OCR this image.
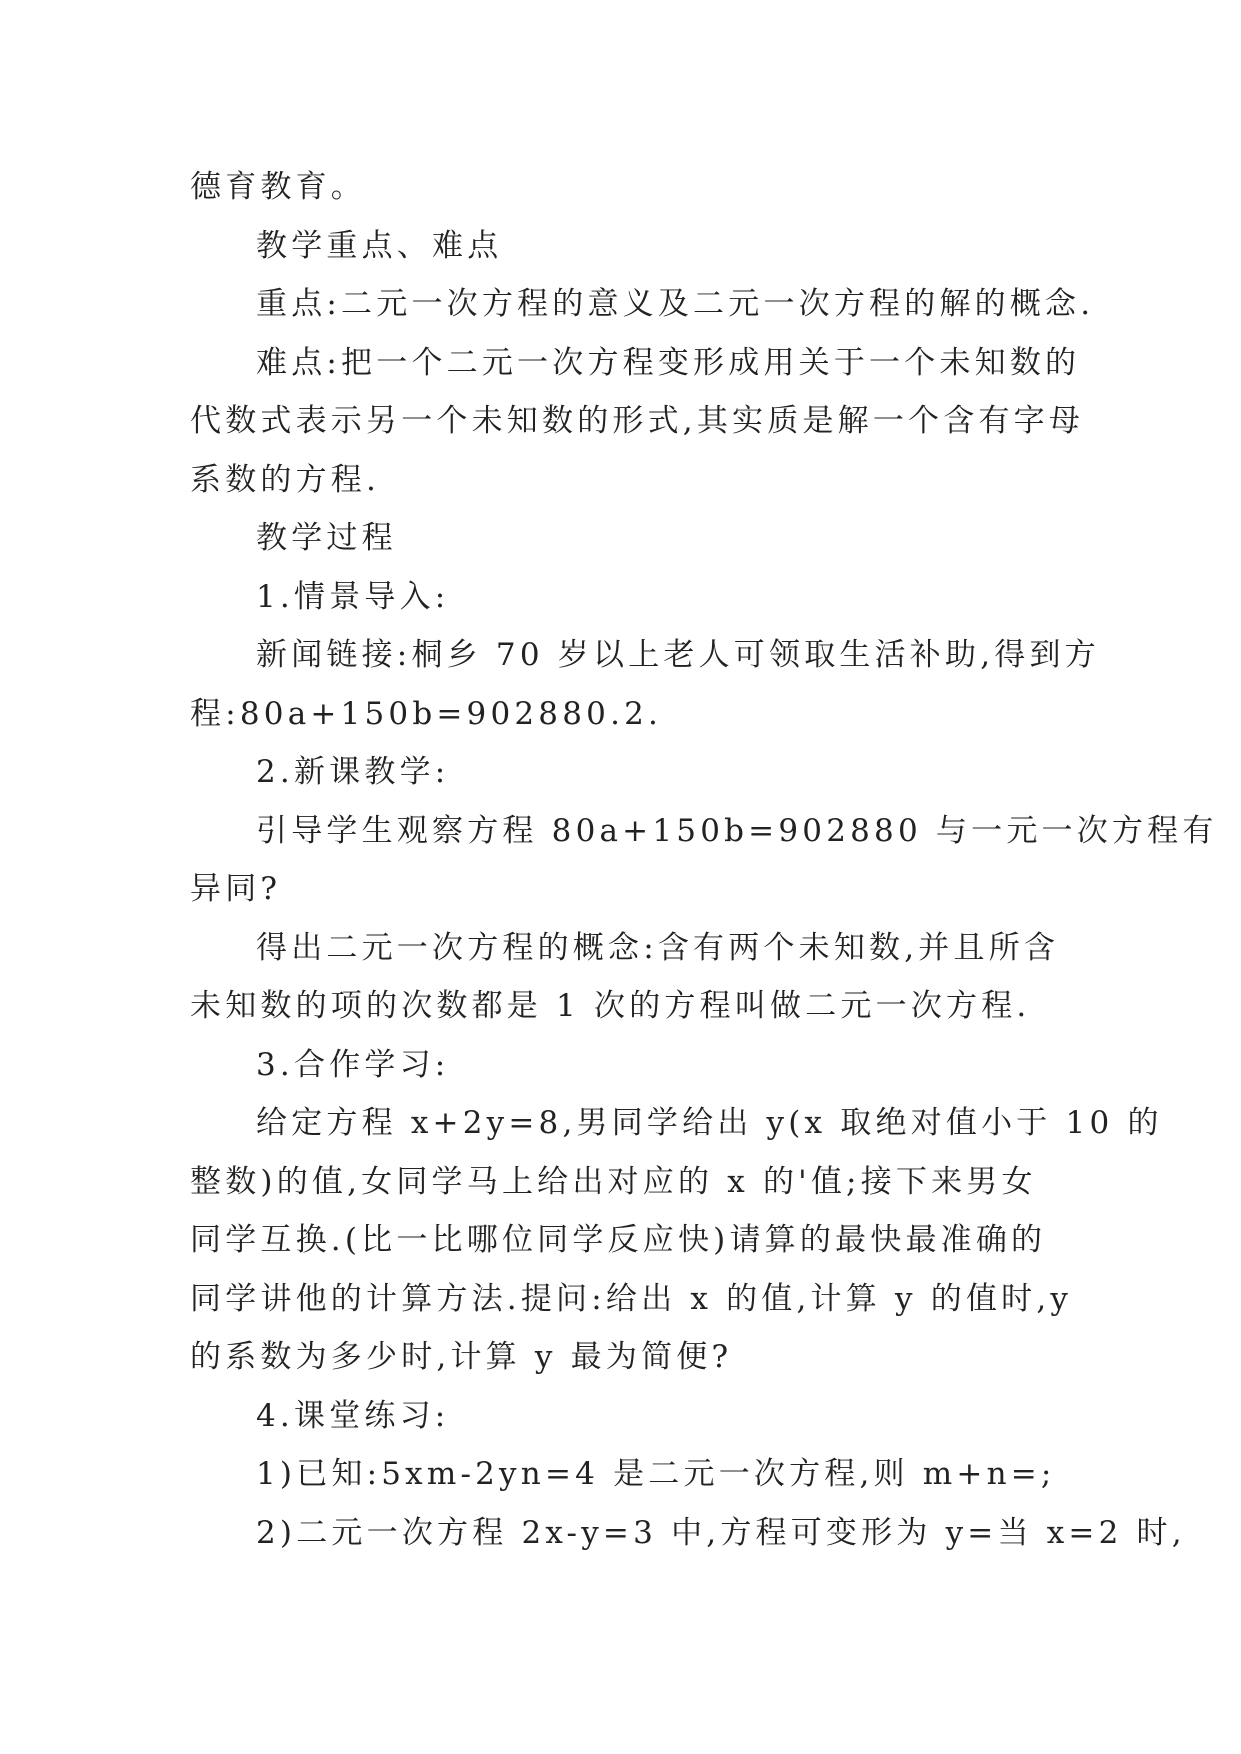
德育教育。
教学重点、难点
重点:二元一次方程的意义及二元一次方程的解的概念.
难点:把一个二元一次方程变形成用关于一个未知数的
代数式表示另一个未知数的形式,其实质是解一个含有字母
系数的方程.
教学过程
1.情景导入:
新闻链接:桐乡 70 岁以上老人可领取生活补助,得到方
程:80a+150b=902880.2.
2.新课教学:
引导学生观察方程 80a+150b=902880 与一元一次方程有
异同?
得出二元一次方程的概念:含有两个未知数,并且所含
未知数的项的次数都是 1 次的方程叫做二元一次方程.
3.合作学习:
给定方程 x+2y=8,男同学给出 y(x 取绝对值小于 10 的
整数)的值,女同学马上给出对应的 x 的'值;接下来男女
同学互换.(比一比哪位同学反应快)请算的最快最准确的
同学讲他的计算方法.提问:给出 x 的值,计算 y 的值时,y
的系数为多少时,计算 y 最为简便?
4.课堂练习:
1)已知:5xm-2yn=4 是二元一次方程,则 m+n=;
2)二元一次方程 2x-y=3 中,方程可变形为 y=当 x=2 时,
